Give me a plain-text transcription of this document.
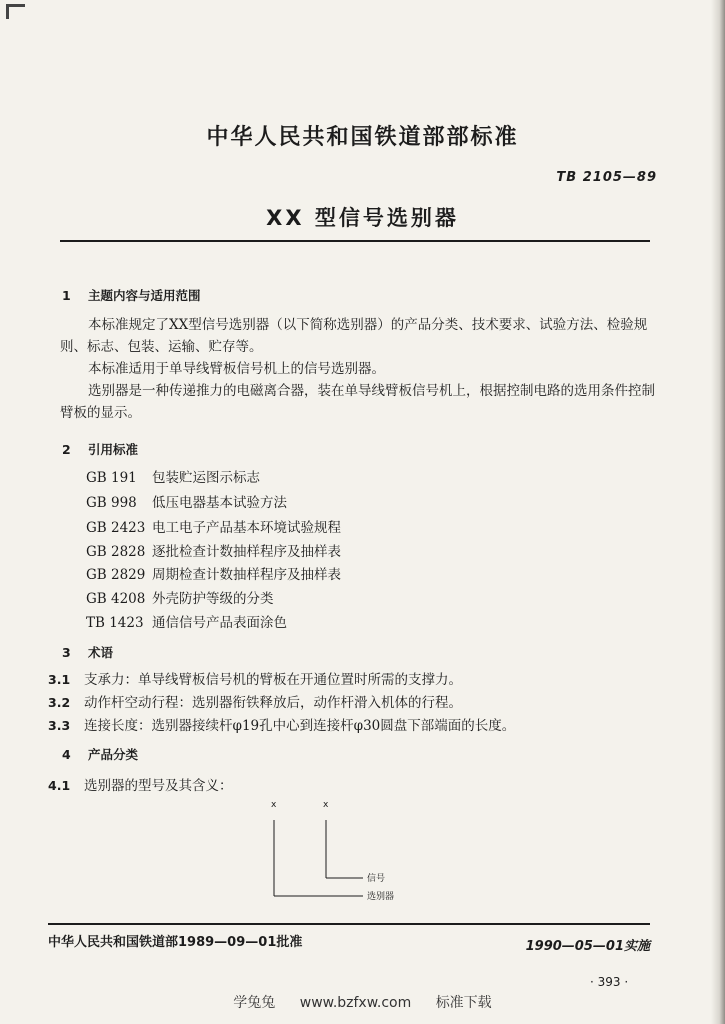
中华人民共和国铁道部部标准
TB 2105—89
XX 型信号选别器
1 主题内容与适用范围
本标准规定了XX型信号选别器（以下简称选别器）的产品分类、技术要求、试验方法、检验规则、标志、包装、运输、贮存等。
本标准适用于单导线臂板信号机上的信号选别器。
选别器是一种传递推力的电磁离合器，装在单导线臂板信号机上，根据控制电路的选用条件控制臂板的显示。
2 引用标准
GB 191 包装贮运图示标志
GB 998 低压电器基本试验方法
GB 2423 电工电子产品基本环境试验规程
GB 2828 逐批检查计数抽样程序及抽样表
GB 2829 周期检查计数抽样程序及抽样表
GB 4208 外壳防护等级的分类
TB 1423 通信信号产品表面涂色
3 术语
3.1 支承力：单导线臂板信号机的臂板在开通位置时所需的支撑力。
3.2 动作杆空动行程：选别器衔铁释放后，动作杆滑入机体的行程。
3.3 连接长度：选别器接续杆φ19孔中心到连接杆φ30圆盘下部端面的长度。
4 产品分类
4.1 选别器的型号及其含义：
x	x
信号
选别器
中华人民共和国铁道部1989—09—01批准	1990—05—01实施
· 393 ·
学兔兔 www.bzfxw.com 标准下载
